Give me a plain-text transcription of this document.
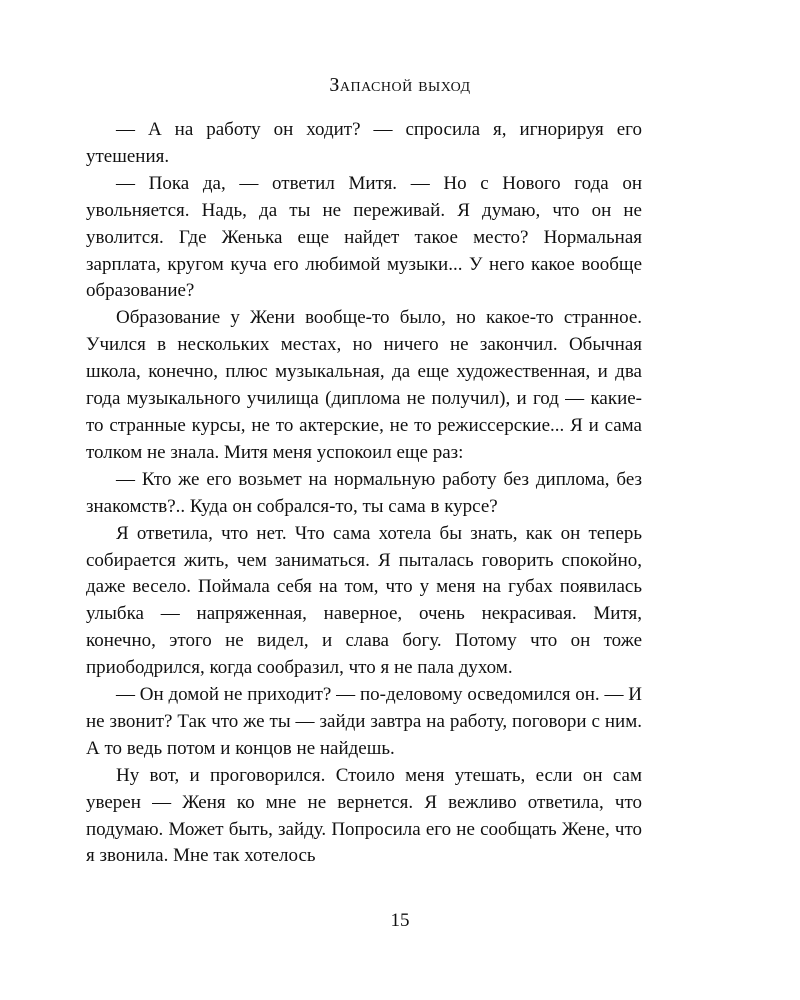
Запасной выход

— А на работу он ходит? — спросила я, игнорируя его утешения.

— Пока да, — ответил Митя. — Но с Нового года он увольняется. Надь, да ты не переживай. Я думаю, что он не уволится. Где Женька еще найдет такое место? Нормальная зарплата, кругом куча его любимой музыки... У него какое вообще образование?

Образование у Жени вообще-то было, но какое-то странное. Учился в нескольких местах, но ничего не закончил. Обычная школа, конечно, плюс музыкальная, да еще художественная, и два года музыкального училища (диплома не получил), и год — какие-то странные курсы, не то актерские, не то режиссерские... Я и сама толком не знала. Митя меня успокоил еще раз:

— Кто же его возьмет на нормальную работу без диплома, без знакомств?.. Куда он собрался-то, ты сама в курсе?

Я ответила, что нет. Что сама хотела бы знать, как он теперь собирается жить, чем заниматься. Я пыталась говорить спокойно, даже весело. Поймала себя на том, что у меня на губах появилась улыбка — напряженная, наверное, очень некрасивая. Митя, конечно, этого не видел, и слава богу. Потому что он тоже приободрился, когда сообразил, что я не пала духом.

— Он домой не приходит? — по-деловому осведомился он. — И не звонит? Так что же ты — зайди завтра на работу, поговори с ним. А то ведь потом и концов не найдешь.

Ну вот, и проговорился. Стоило меня утешать, если он сам уверен — Женя ко мне не вернется. Я вежливо ответила, что подумаю. Может быть, зайду. Попросила его не сообщать Жене, что я звонила. Мне так хотелось

15
